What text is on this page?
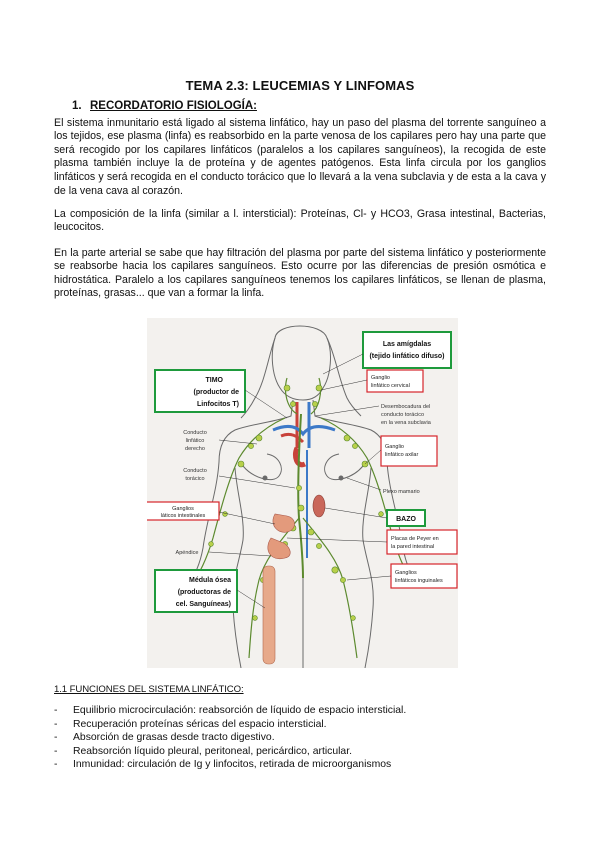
TEMA 2.3: LEUCEMIAS Y LINFOMAS
1. RECORDATORIO FISIOLOGÍA:

El sistema inmunitario está ligado al sistema linfático, hay un paso del plasma del torrente sanguíneo a los tejidos, ese plasma (linfa) es reabsorbido en la parte venosa de los capilares pero hay una parte que será recogido por los capilares linfáticos (paralelos a los capilares sanguíneos), la recogida de este plasma también incluye la de proteína y de agentes patógenos. Esta linfa circula por los ganglios linfáticos y será recogida en el conducto torácico que lo llevará a la vena subclavia y de esta a la cava y de la vena cava al corazón.

La composición de la linfa (similar a l. intersticial): Proteínas, Cl- y HCO3, Grasa intestinal, Bacterias, leucocitos.

En la parte arterial se sabe que hay filtración del plasma por parte del sistema linfático y posteriormente se reabsorbe hacia los capilares sanguíneos. Esto ocurre por las diferencias de presión osmótica e hidrostática. Paralelo a los capilares sanguíneos tenemos los capilares linfáticos, se llenan de plasma, proteínas, grasas... que van a formar la linfa.

Las amígdalas
(tejido linfático difuso)
TIMO
(productor de
Linfocitos T)
BAZO
Médula ósea
(productoras de
cel. Sanguíneas)
Ganglio
linfático cervical
Ganglio
linfático axilar
Ganglios
láticos intestinales
Placas de Peyer en
la pared intestinal
Ganglios
linfáticos inguinales
Desembocadura del
conducto torácico
en la vena subclavia
Conducto
linfático
derecho
Conducto
torácico
Plexo mamario
Apéndice
1.1 FUNCIONES DEL SISTEMA LINFÁTICO:
- Equilibrio microcirculación: reabsorción de líquido de espacio intersticial.
- Recuperación proteínas séricas del espacio intersticial.
- Absorción de grasas desde tracto digestivo.
- Reabsorción líquido pleural, peritoneal, pericárdico, articular.
- Inmunidad: circulación de Ig y linfocitos, retirada de microorganismos
